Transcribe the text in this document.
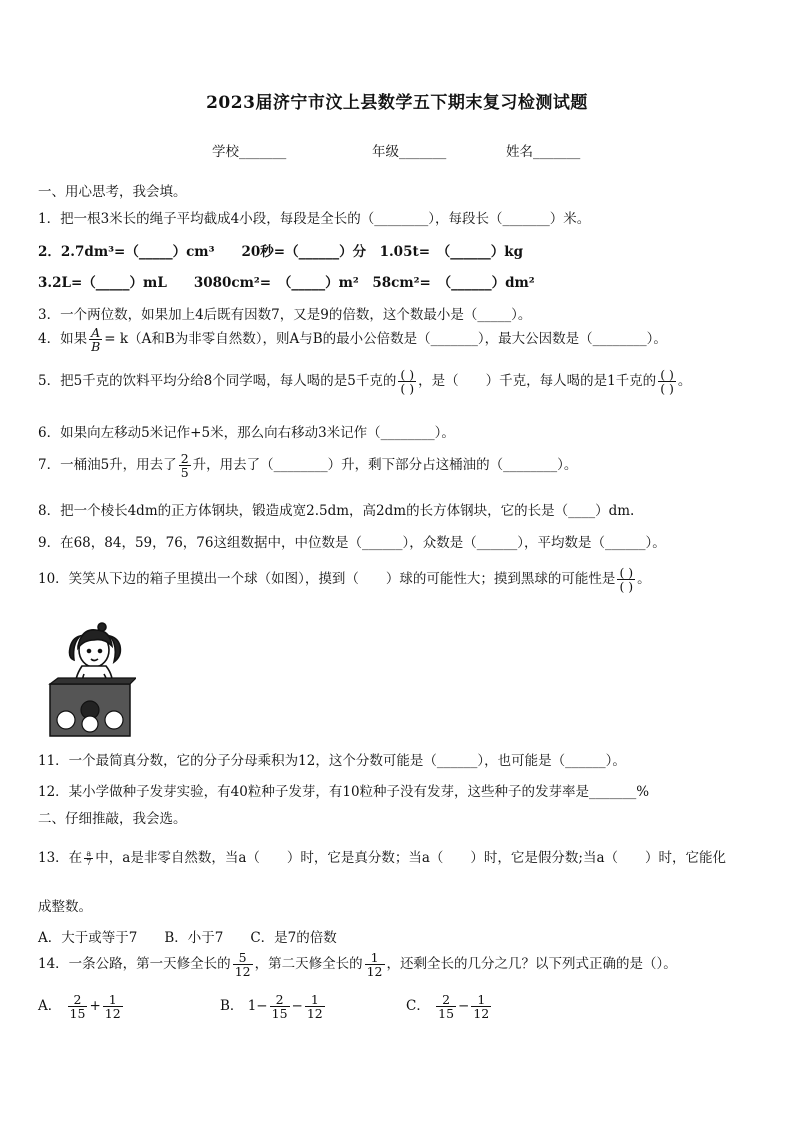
2023届济宁市汶上县数学五下期末复习检测试题
学校_______	年级_______	姓名_______
一、用心思考，我会填。
1．把一根3米长的绳子平均截成4小段，每段是全长的（________），每段长（_______）米。
2．2.7dm³=（_____）cm³　　20秒=（______）分　1.05t=　（______）kg
3.2L=（_____）mL　　3080cm²=　（_____）m²　58cm²=　（______）dm²
3．一个两位数，如果加上4后既有因数7，又是9的倍数，这个数最小是（_____）。
4．如果 $\frac{A}{B} = k(A$和B为非零自然数），则A与B的最小公倍数是（_______），最大公因数是（________）。
5．把5千克的饮料平均分给8个同学喝，每人喝的是5千克的 $\frac{( )}{( )}$ ，是（　　）千克，每人喝的是1千克的 $\frac{( )}{( )}$ 。
6．如果向左移动5米记作+5米，那么向右移动3米记作（________）。
7．一桶油5升，用去了 $\frac{2}{5}$ 升，用去了（________）升，剩下部分占这桶油的（________）。
8．把一个棱长4dm的正方体钢块，锻造成宽2.5dm，高2dm的长方体钢块，它的长是（____）dm.
9．在68，84，59，76，76这组数据中，中位数是（______），众数是（______），平均数是（______）。
10．笑笑从下边的箱子里摸出一个球（如图），摸到（　　）球的可能性大；摸到黑球的可能性是 $\frac{( )}{( )}$ 。
11．一个最简真分数，它的分子分母乘积为12，这个分数可能是（______），也可能是（______）。
12．某小学做种子发芽实验，有40粒种子发芽，有10粒种子没有发芽，这些种子的发芽率是_______%
二、仔细推敲，我会选。
13．在 $\frac{a}{7}$ 中，a是非零自然数，当a（　　）时，它是真分数；当a（　　）时，它是假分数;当a（　　）时，它能化
成整数。
A．大于或等于7　　B．小于7　　C．是7的倍数
14．一条公路，第一天修全长的 $\frac{5}{12}$ ，第二天修全长的 $\frac{1}{12}$ ，还剩全长的几分之几？以下列式正确的是（）。
A． $\frac{2}{15} + \frac{1}{12}$	B． $1- \frac{2}{15} - \frac{1}{12}$	C． $\frac{2}{15} - \frac{1}{12}$
